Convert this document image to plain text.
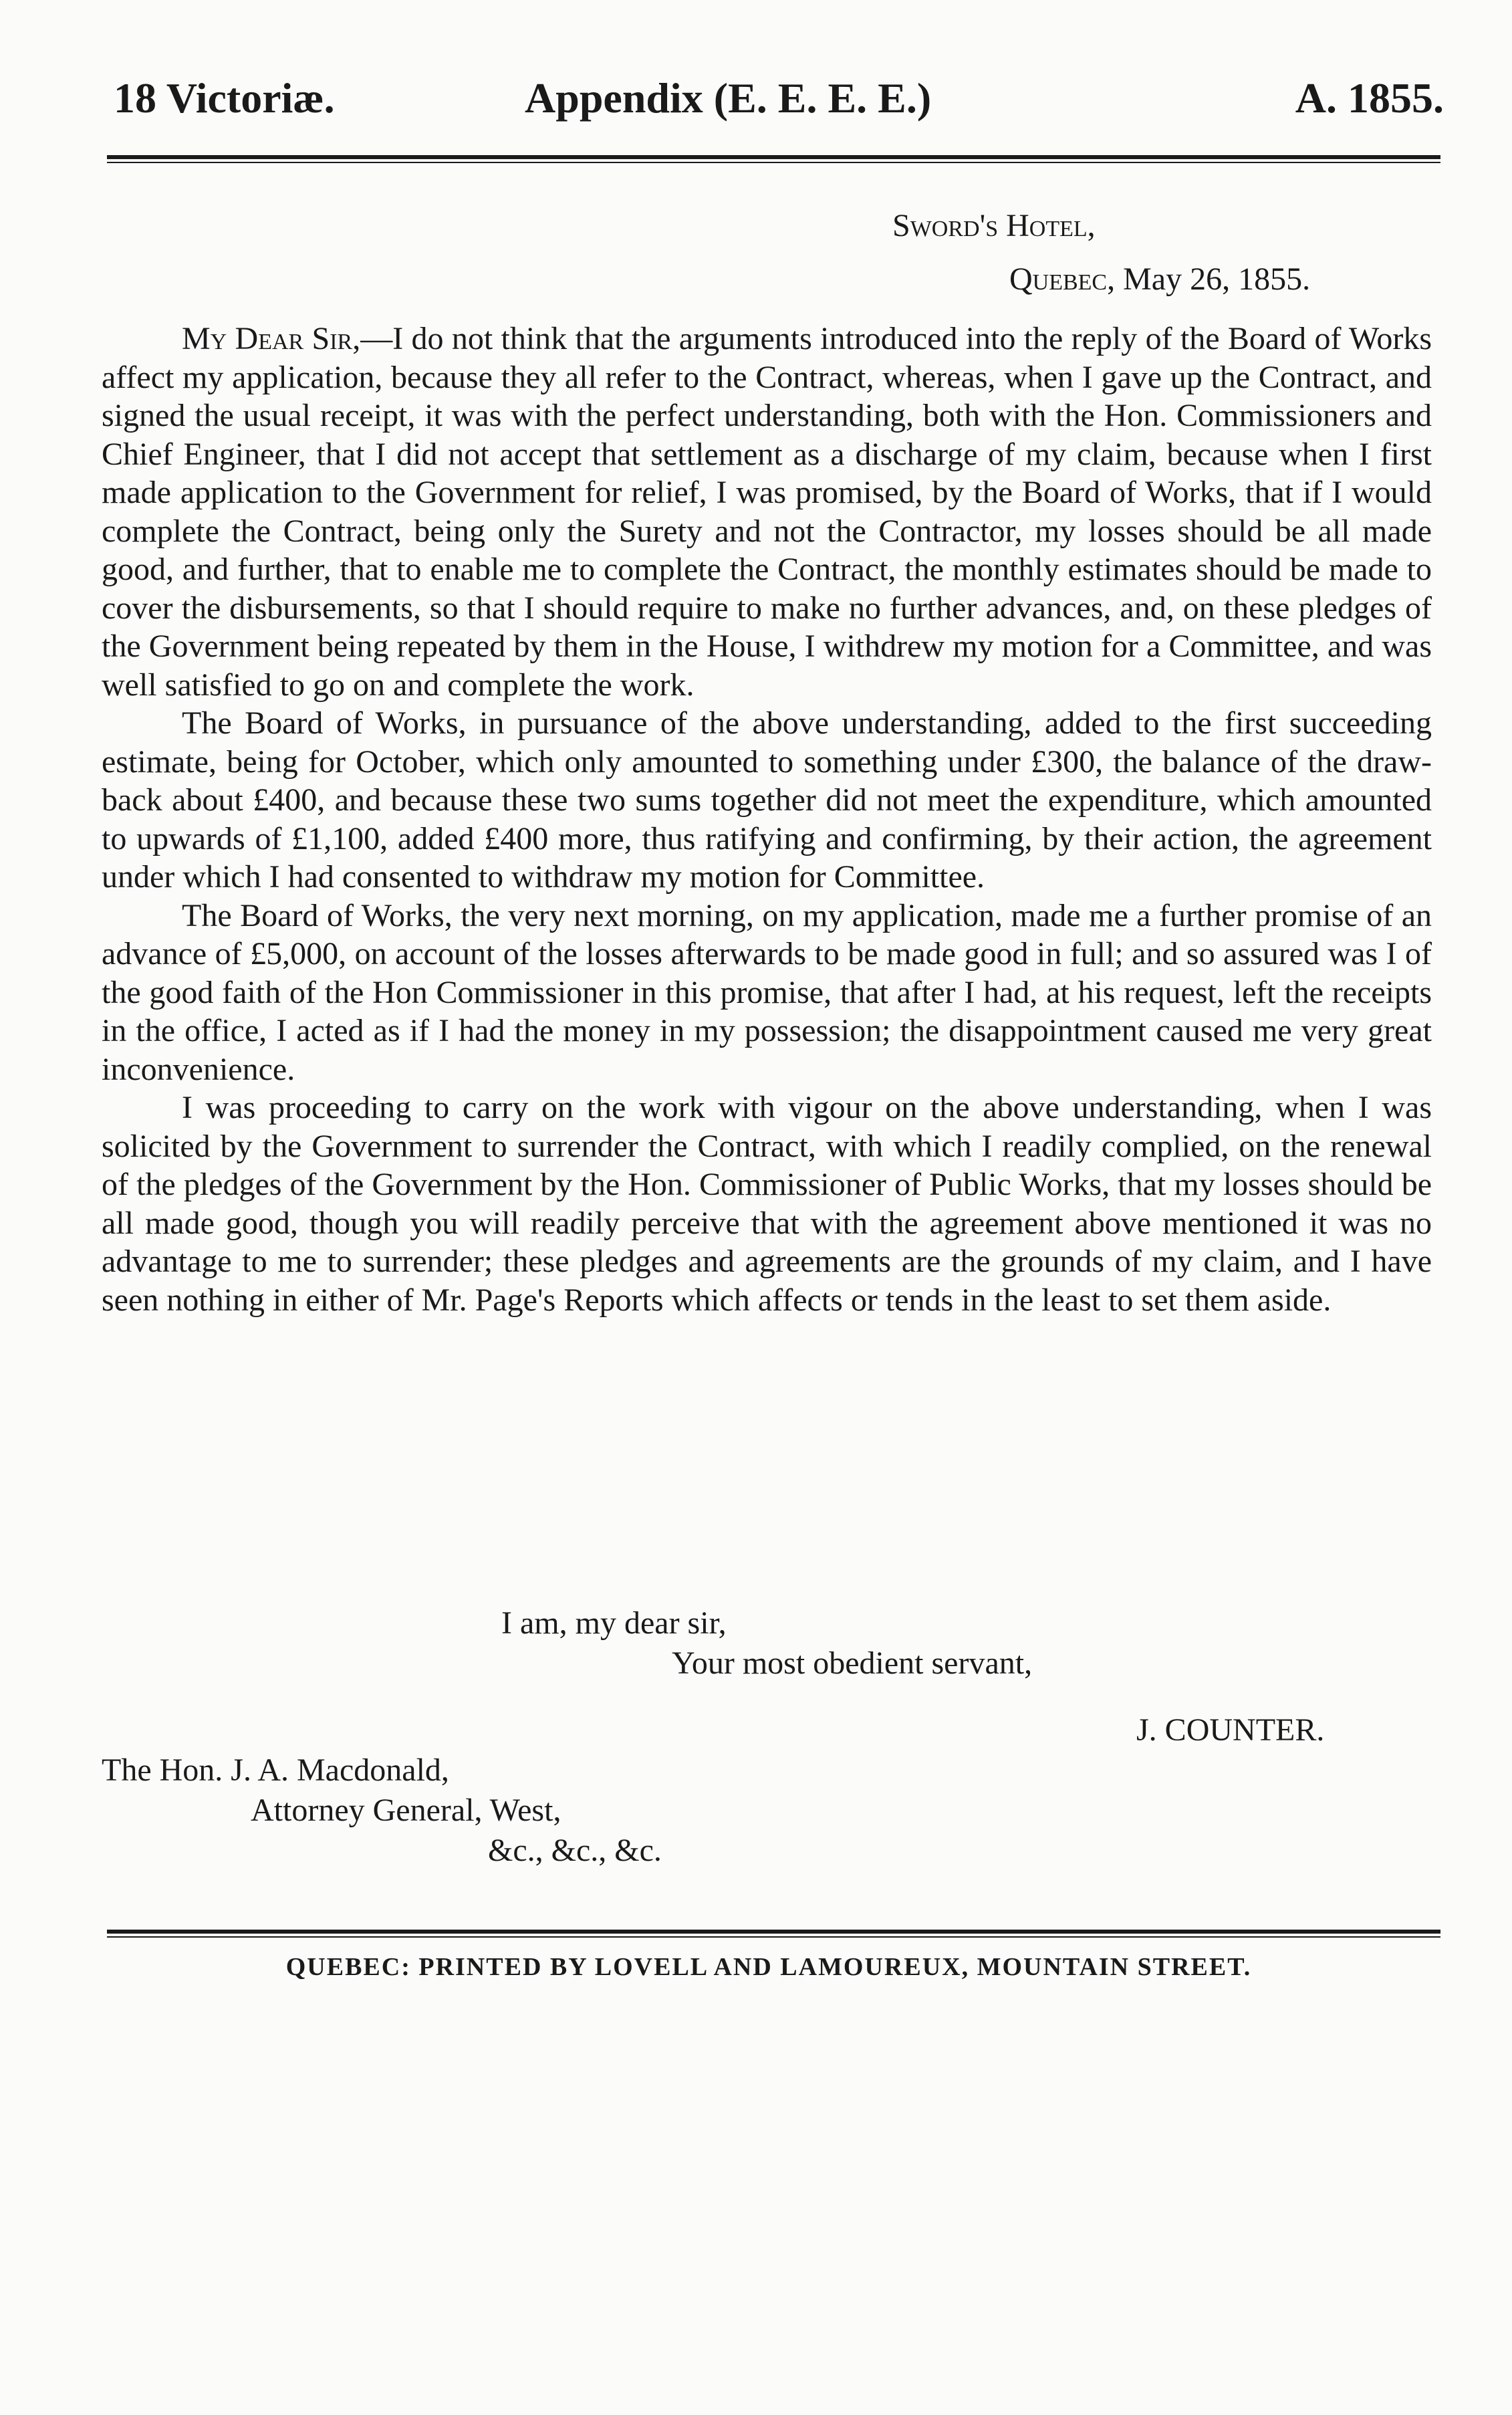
18 Victoriæ.	Appendix (E. E. E. E.)	A. 1855.
Sword's Hotel,
Quebec, May 26, 1855.

My Dear Sir,—I do not think that the arguments introduced into the reply of the Board of Works affect my application, because they all refer to the Contract, whereas, when I gave up the Contract, and signed the usual receipt, it was with the perfect understanding, both with the Hon. Commissioners and Chief Engineer, that I did not accept that settlement as a discharge of my claim, because when I first made application to the Government for relief, I was promised, by the Board of Works, that if I would complete the Contract, being only the Surety and not the Contractor, my losses should be all made good, and further, that to enable me to complete the Contract, the monthly estimates should be made to cover the disbursements, so that I should require to make no further advances, and, on these pledges of the Government being repeated by them in the House, I withdrew my motion for a Committee, and was well satisfied to go on and complete the work.

The Board of Works, in pursuance of the above understanding, added to the first succeeding estimate, being for October, which only amounted to something under £300, the balance of the draw-back about £400, and because these two sums together did not meet the expenditure, which amounted to upwards of £1,100, added £400 more, thus ratifying and confirming, by their action, the agreement under which I had consented to withdraw my motion for Committee.

The Board of Works, the very next morning, on my application, made me a further promise of an advance of £5,000, on account of the losses afterwards to be made good in full; and so assured was I of the good faith of the Hon Commissioner in this promise, that after I had, at his request, left the receipts in the office, I acted as if I had the money in my possession; the disappointment caused me very great inconvenience.

I was proceeding to carry on the work with vigour on the above understanding, when I was solicited by the Government to surrender the Contract, with which I readily complied, on the renewal of the pledges of the Government by the Hon. Commissioner of Public Works, that my losses should be all made good, though you will readily perceive that with the agreement above mentioned it was no advantage to me to surrender; these pledges and agreements are the grounds of my claim, and I have seen nothing in either of Mr. Page's Reports which affects or tends in the least to set them aside.

I am, my dear sir,
Your most obedient servant,
J. COUNTER.
The Hon. J. A. Macdonald,
Attorney General, West,
&c., &c., &c.
QUEBEC: PRINTED BY LOVELL AND LAMOUREUX, MOUNTAIN STREET.
